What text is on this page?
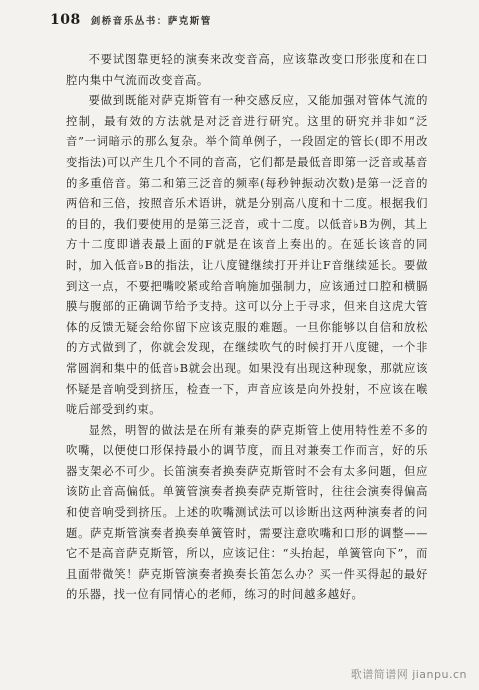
108 剑桥音乐丛书：萨克斯管

不要试图靠更轻的演奏来改变音高，应该靠改变口形张度和在口腔内集中气流而改变音高。

要做到既能对萨克斯管有一种交感反应，又能加强对管体气流的控制，最有效的方法就是对泛音进行研究。这里的研究并非如“泛音”一词暗示的那么复杂。举个简单例子，一段固定的管长(即不用改变指法)可以产生几个不同的音高，它们都是最低音即第一泛音或基音的多重倍音。第二和第三泛音的频率(每秒钟振动次数)是第一泛音的两倍和三倍，按照音乐术语讲，就是分别高八度和十二度。根据我们的目的，我们要使用的是第三泛音，或十二度。以低音♭B为例，其上方十二度即谱表最上面的F就是在该音上奏出的。在延长该音的同时，加入低音♭B的指法，让八度键继续打开并让F音继续延长。要做到这一点，不要把嘴咬紧或给音响施加强制力，应该通过口腔和横膈膜与腹部的正确调节给予支持。这可以分上于寻求，但来自这虎大管体的反馈无疑会给你留下应该克服的难题。一旦你能够以自信和放松的方式做到了，你就会发现，在继续吹气的时候打开八度键，一个非常圆润和集中的低音♭B就会出现。如果没有出现这种现象，那就应该怀疑是音响受到挤压，检查一下，声音应该是向外投射，不应该在喉咙后部受到约束。

显然，明智的做法是在所有兼奏的萨克斯管上使用特性差不多的吹嘴，以便使口形保持最小的调节度，而且对兼奏工作而言，好的乐器支架必不可少。长笛演奏者换奏萨克斯管时不会有太多问题，但应该防止音高偏低。单簧管演奏者换奏萨克斯管时，往往会演奏得偏高和使音响受到挤压。上述的吹嘴测试法可以诊断出这两种演奏者的问题。萨克斯管演奏者换奏单簧管时，需要注意吹嘴和口形的调整——它不是高音萨克斯管，所以，应该记住：“头抬起，单簧管向下”，而且面带微笑！萨克斯管演奏者换奏长笛怎么办？买一件买得起的最好的乐器，找一位有同情心的老师，练习的时间越多越好。

歌谱简谱网 jianpu.cn
